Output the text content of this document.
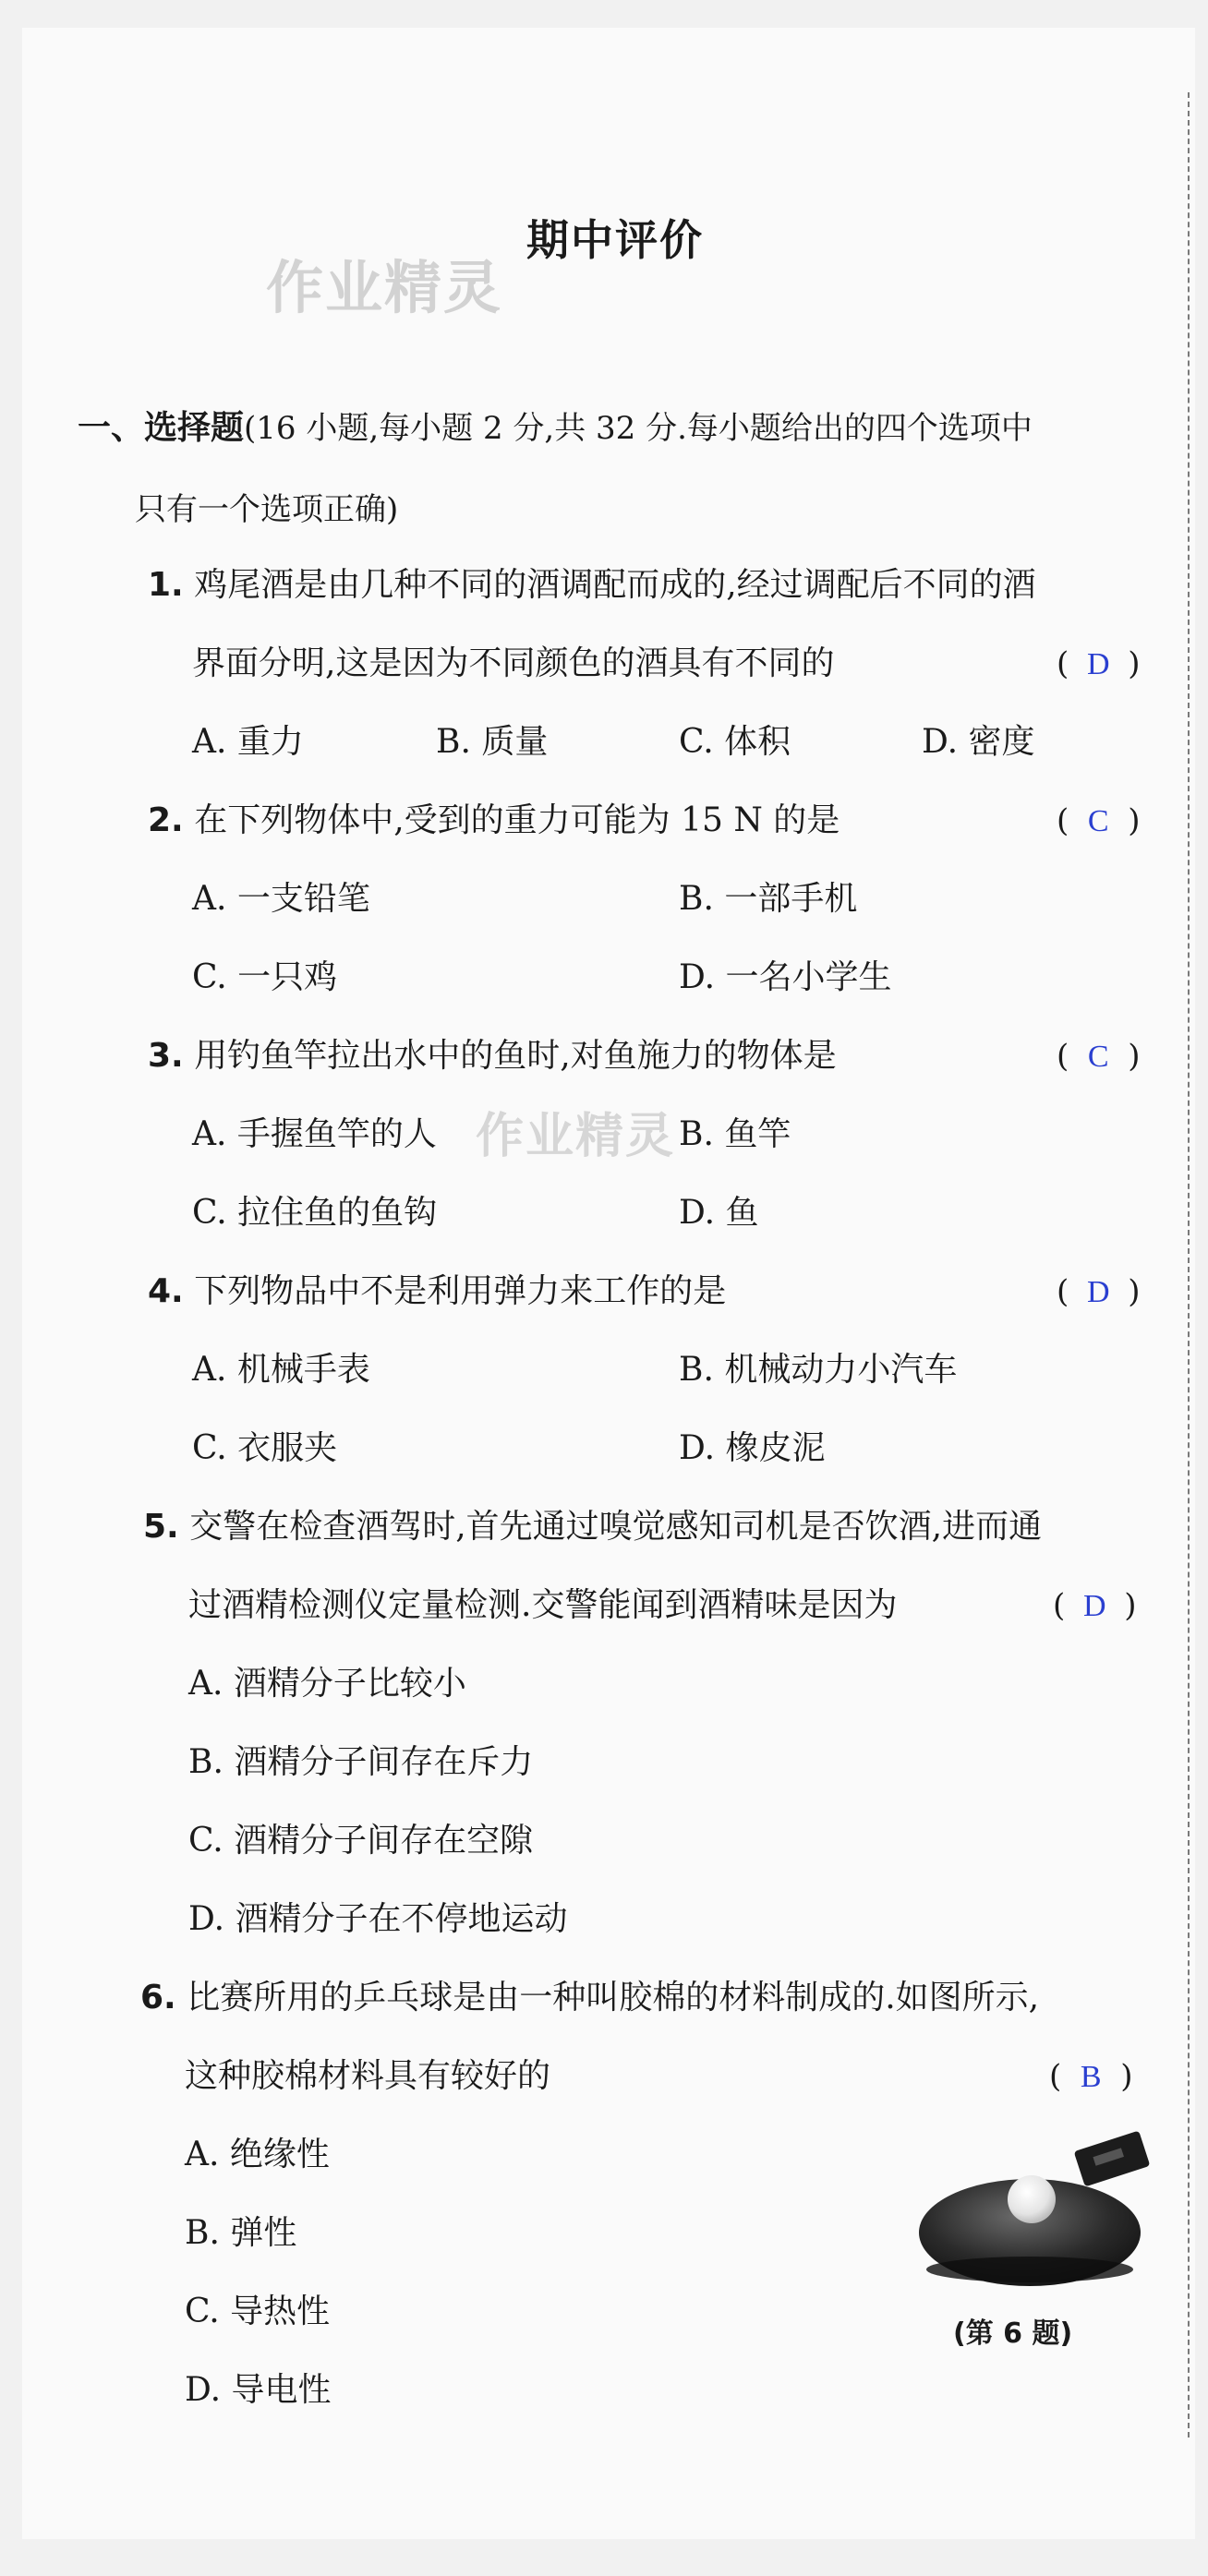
作业精灵
作业精灵
期中评价
一、选择题(16 小题,每小题 2 分,共 32 分.每小题给出的四个选项中
只有一个选项正确)
1. 鸡尾酒是由几种不同的酒调配而成的,经过调配后不同的酒
界面分明,这是因为不同颜色的酒具有不同的	( D )
A. 重力	B. 质量	C. 体积	D. 密度
2. 在下列物体中,受到的重力可能为 15 N 的是	( C )
A. 一支铅笔	B. 一部手机
C. 一只鸡	D. 一名小学生
3. 用钓鱼竿拉出水中的鱼时,对鱼施力的物体是	( C )
A. 手握鱼竿的人	B. 鱼竿
C. 拉住鱼的鱼钩	D. 鱼
4. 下列物品中不是利用弹力来工作的是	( D )
A. 机械手表	B. 机械动力小汽车
C. 衣服夹	D. 橡皮泥
5. 交警在检查酒驾时,首先通过嗅觉感知司机是否饮酒,进而通
过酒精检测仪定量检测.交警能闻到酒精味是因为	( D )
A. 酒精分子比较小
B. 酒精分子间存在斥力
C. 酒精分子间存在空隙
D. 酒精分子在不停地运动
6. 比赛所用的乒乓球是由一种叫胶棉的材料制成的.如图所示,
这种胶棉材料具有较好的	( B )
A. 绝缘性
B. 弹性
C. 导热性
D. 导电性
(第 6 题)
